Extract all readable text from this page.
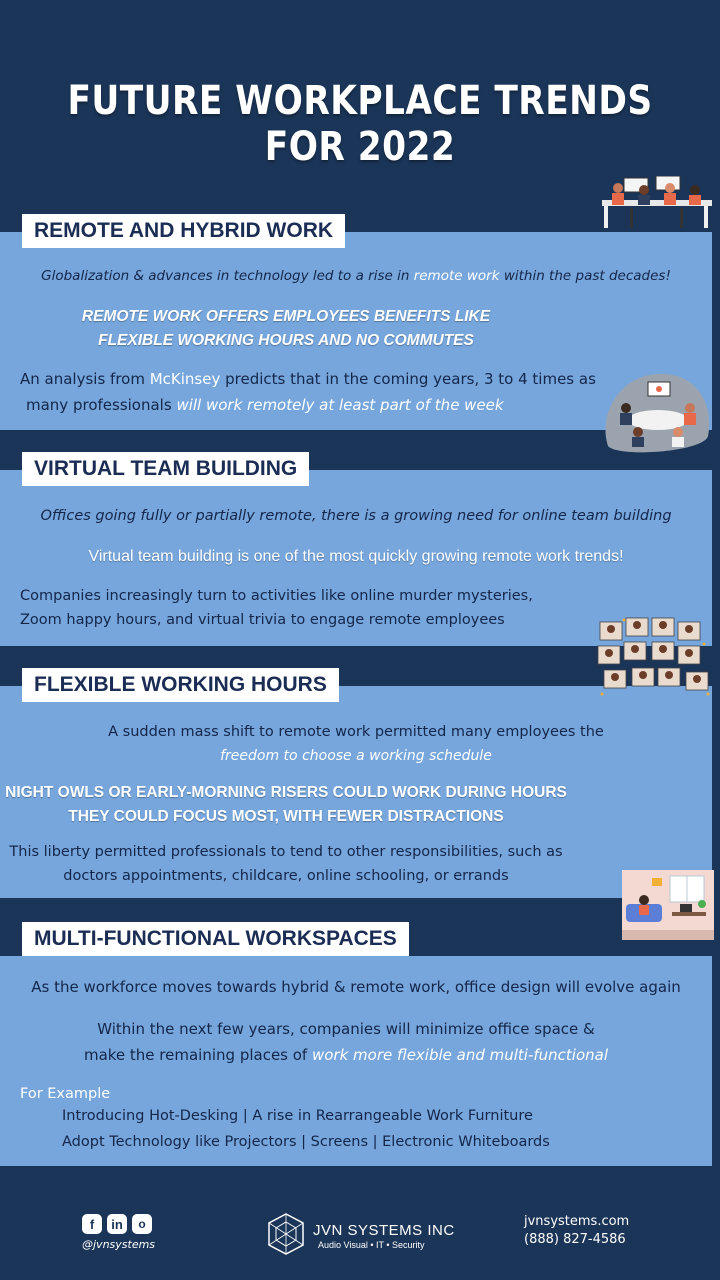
FUTURE WORKPLACE TRENDS FOR 2022
Globalization & advances in technology led to a rise in remote work within the past decades!
REMOTE WORK OFFERS EMPLOYEES BENEFITS LIKE
FLEXIBLE WORKING HOURS AND NO COMMUTES
An analysis from McKinsey predicts that in the coming years, 3 to 4 times as
many professionals will work remotely at least part of the week
REMOTE AND HYBRID WORK
Offices going fully or partially remote, there is a growing need for online team building
Virtual team building is one of the most quickly growing remote work trends!
Companies increasingly turn to activities like online murder mysteries,
Zoom happy hours, and virtual trivia to engage remote employees
VIRTUAL TEAM BUILDING
A sudden mass shift to remote work permitted many employees the
freedom to choose a working schedule
NIGHT OWLS OR EARLY-MORNING RISERS COULD WORK DURING HOURS
THEY COULD FOCUS MOST, WITH FEWER DISTRACTIONS
This liberty permitted professionals to tend to other responsibilities, such as
doctors appointments, childcare, online schooling, or errands
FLEXIBLE WORKING HOURS
As the workforce moves towards hybrid & remote work, office design will evolve again
Within the next few years, companies will minimize office space &
make the remaining places of work more flexible and multi-functional
For Example
Introducing Hot-Desking | A rise in Rearrangeable Work Furniture
Adopt Technology like Projectors | Screens | Electronic Whiteboards
MULTI-FUNCTIONAL WORKSPACES
f	in	o
@jvnsystems
JVN SYSTEMS INC
Audio Visual • IT • Security
jvnsystems.com
(888) 827-4586
